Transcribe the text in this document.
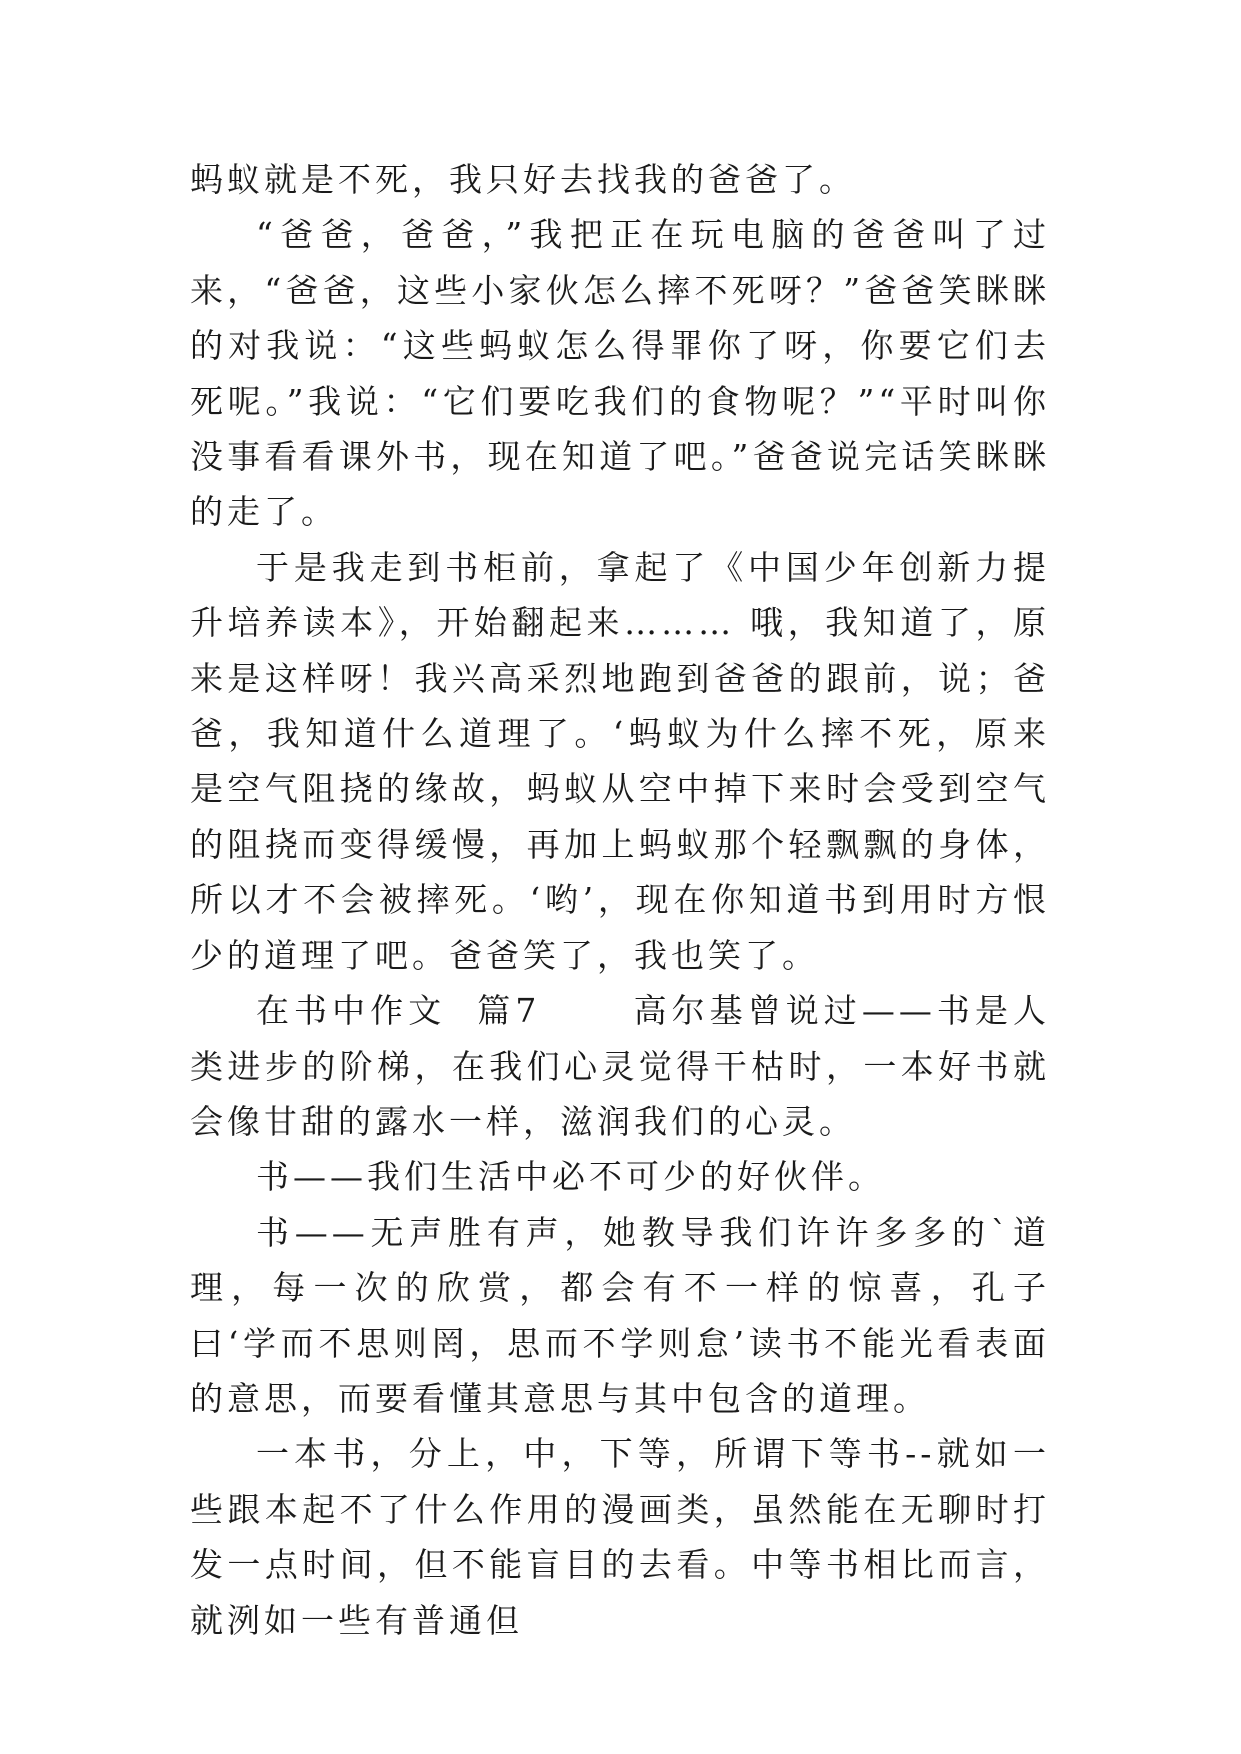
蚂蚁就是不死，我只好去找我的爸爸了。

“爸爸，爸爸，”我把正在玩电脑的爸爸叫了过来，“爸爸，这些小家伙怎么摔不死呀？”爸爸笑眯眯的对我说：“这些蚂蚁怎么得罪你了呀，你要它们去死呢。”我说：“它们要吃我们的食物呢？”“平时叫你没事看看课外书，现在知道了吧。”爸爸说完话笑眯眯的走了。

于是我走到书柜前，拿起了《中国少年创新力提升培养读本》，开始翻起来……… 哦，我知道了，原来是这样呀！我兴高采烈地跑到爸爸的跟前，说；爸爸，我知道什么道理了。‘蚂蚁为什么摔不死，原来是空气阻挠的缘故，蚂蚁从空中掉下来时会受到空气的阻挠而变得缓慢，再加上蚂蚁那个轻飘飘的身体，所以才不会被摔死。‘哟’，现在你知道书到用时方恨少的道理了吧。爸爸笑了，我也笑了。

在书中作文  篇7      高尔基曾说过——书是人类进步的阶梯，在我们心灵觉得干枯时，一本好书就会像甘甜的露水一样，滋润我们的心灵。

书——我们生活中必不可少的好伙伴。

书——无声胜有声，她教导我们许许多多的`道理，每一次的欣赏，都会有不一样的惊喜，孔子曰‘学而不思则罔，思而不学则怠’读书不能光看表面的意思，而要看懂其意思与其中包含的道理。

一本书，分上，中，下等，所谓下等书--就如一些跟本起不了什么作用的漫画类，虽然能在无聊时打发一点时间，但不能盲目的去看。中等书相比而言，就洌如一些有普通但
